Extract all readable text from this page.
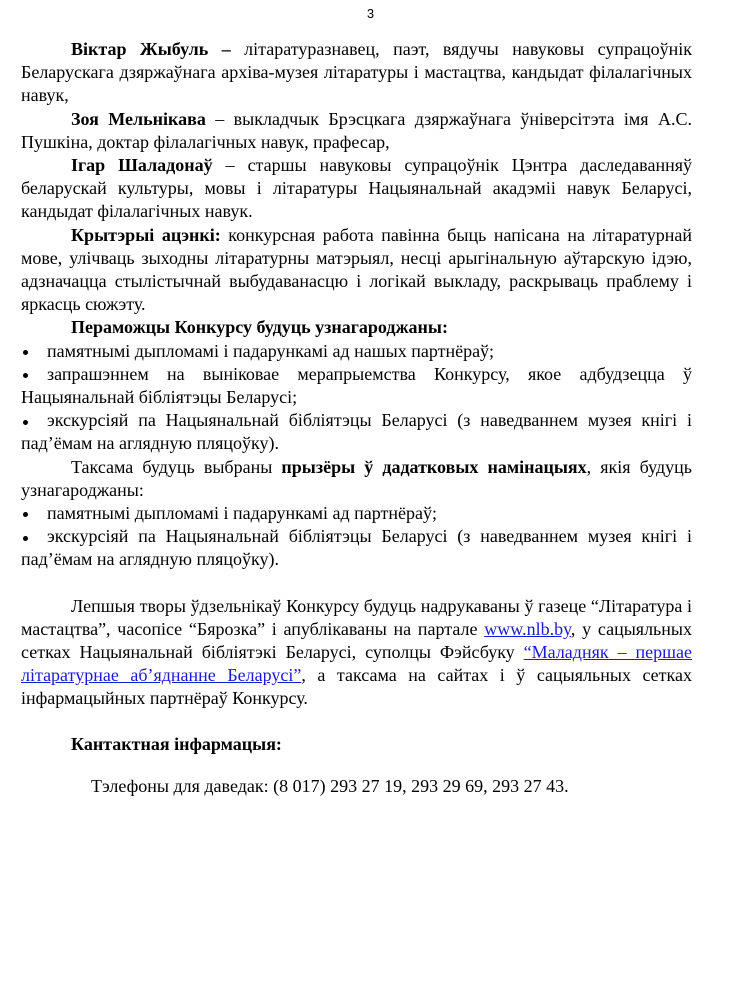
3

Віктар Жыбуль – літаратуразнавец, паэт, вядучы навуковы супрацоўнік Беларускага дзяржаўнага архіва-музея літаратуры і мастацтва, кандыдат філалагічных навук,

Зоя Мельнікава – выкладчык Брэсцкага дзяржаўнага ўніверсітэта імя А.С. Пушкіна, доктар філалагічных навук, прафесар,

Ігар Шаладонаў – старшы навуковы супрацоўнік Цэнтра даследаванняў беларускай культуры, мовы і літаратуры Нацыянальнай акадэміі навук Беларусі, кандыдат філалагічных навук.

Крытэрыі ацэнкі: конкурсная работа павінна быць напісана на літаратурнай мове, улічваць зыходны літаратурны матэрыял, несці арыгінальную аўтарскую ідэю, адзначацца стылістычнай выбудаванасцю і логікай выкладу, раскрываць праблему і яркасць сюжэту.

Пераможцы Конкурсу будуць узнагароджаны:

памятнымі дыпломамі і падарункамі ад нашых партнёраў;

запрашэннем на выніковае мерапрыемства Конкурсу, якое адбудзецца ў Нацыянальнай бібліятэцы Беларусі;

экскурсіяй па Нацыянальнай бібліятэцы Беларусі (з наведваннем музея кнігі і пад’ёмам на аглядную пляцоўку).

Таксама будуць выбраны прызёры ў дадатковых намінацыях, якія будуць узнагароджаны:

памятнымі дыпломамі і падарункамі ад партнёраў;

экскурсіяй па Нацыянальнай бібліятэцы Беларусі (з наведваннем музея кнігі і пад’ёмам на аглядную пляцоўку).

Лепшыя творы ўдзельнікаў Конкурсу будуць надрукаваны ў газеце “Літаратура і мастацтва”, часопісе “Бярозка” і апублікаваны на партале www.nlb.by, у сацыяльных сетках Нацыянальнай бібліятэкі Беларусі, суполцы Фэйсбуку “Маладняк – першае літаратурнае аб’яднанне Беларусі”, а таксама на сайтах і ў сацыяльных сетках інфармацыйных партнёраў Конкурсу.

Кантактная інфармацыя:

Тэлефоны для даведак: (8 017) 293 27 19, 293 29 69, 293 27 43.
